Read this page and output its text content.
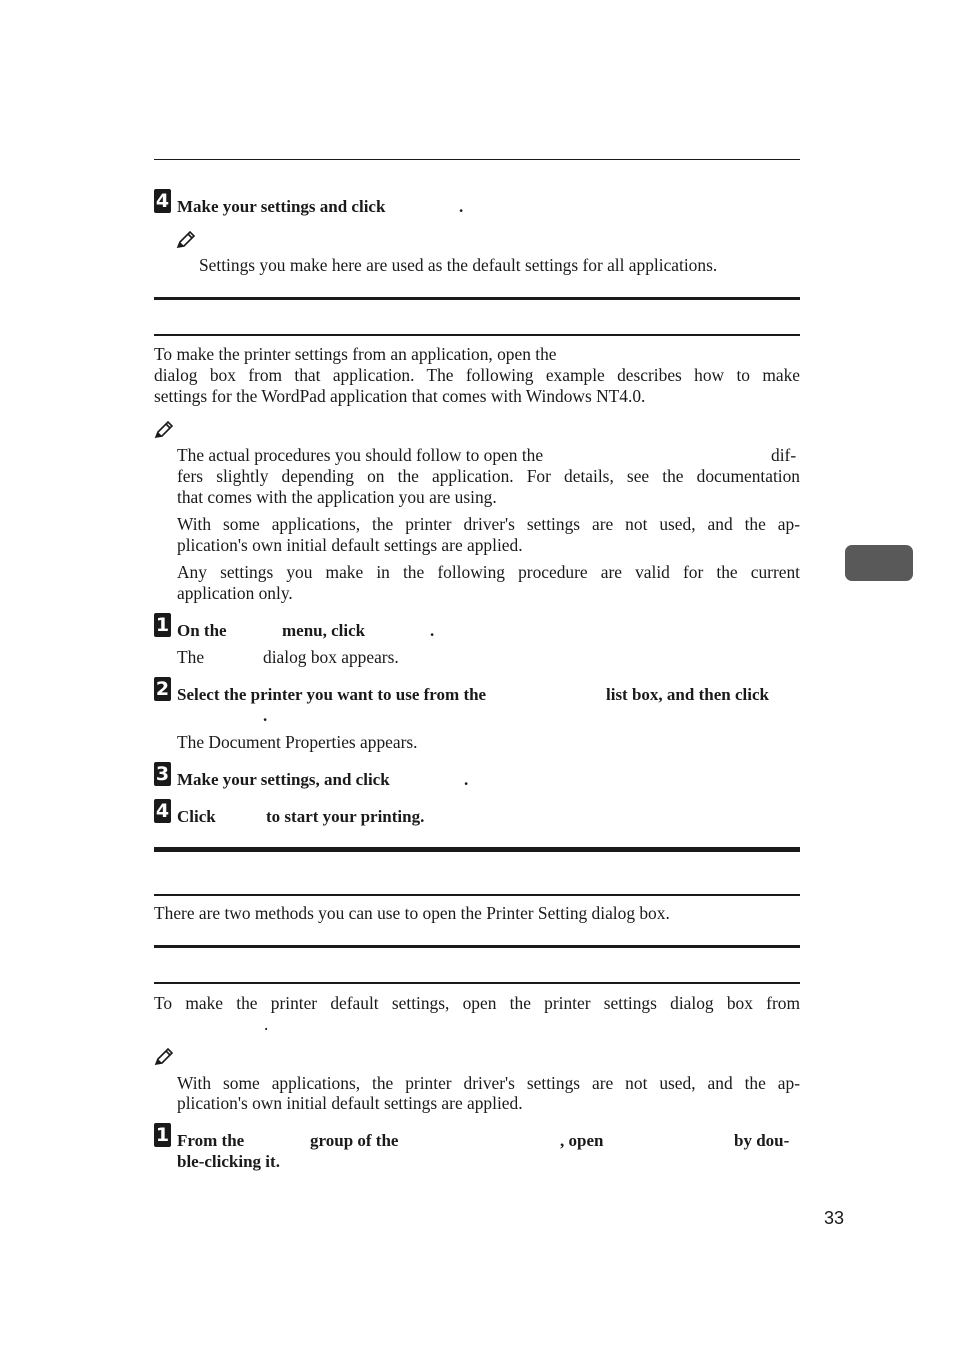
4 Make your settings and click	.
Settings you make here are used as the default settings for all applications.
To make the printer settings from an application, open the
dialog box from that application. The following example describes how to make
settings for the WordPad application that comes with Windows NT4.0.
The actual procedures you should follow to open the	dif-
fers slightly depending on the application. For details, see the documentation
that comes with the application you are using.
With some applications, the printer driver's settings are not used, and the ap-
plication's own initial default settings are applied.
Any settings you make in the following procedure are valid for the current
application only.
1 On the	menu, click	.
The	dialog box appears.
2 Select the printer you want to use from the	list box, and then click
.
The Document Properties appears.
3 Make your settings, and click	.
4 Click	to start your printing.
There are two methods you can use to open the Printer Setting dialog box.
To make the printer default settings, open the printer settings dialog box from
.
With some applications, the printer driver's settings are not used, and the ap-
plication's own initial default settings are applied.
1 From the	group of the	, open	by dou-
ble-clicking it.
33
